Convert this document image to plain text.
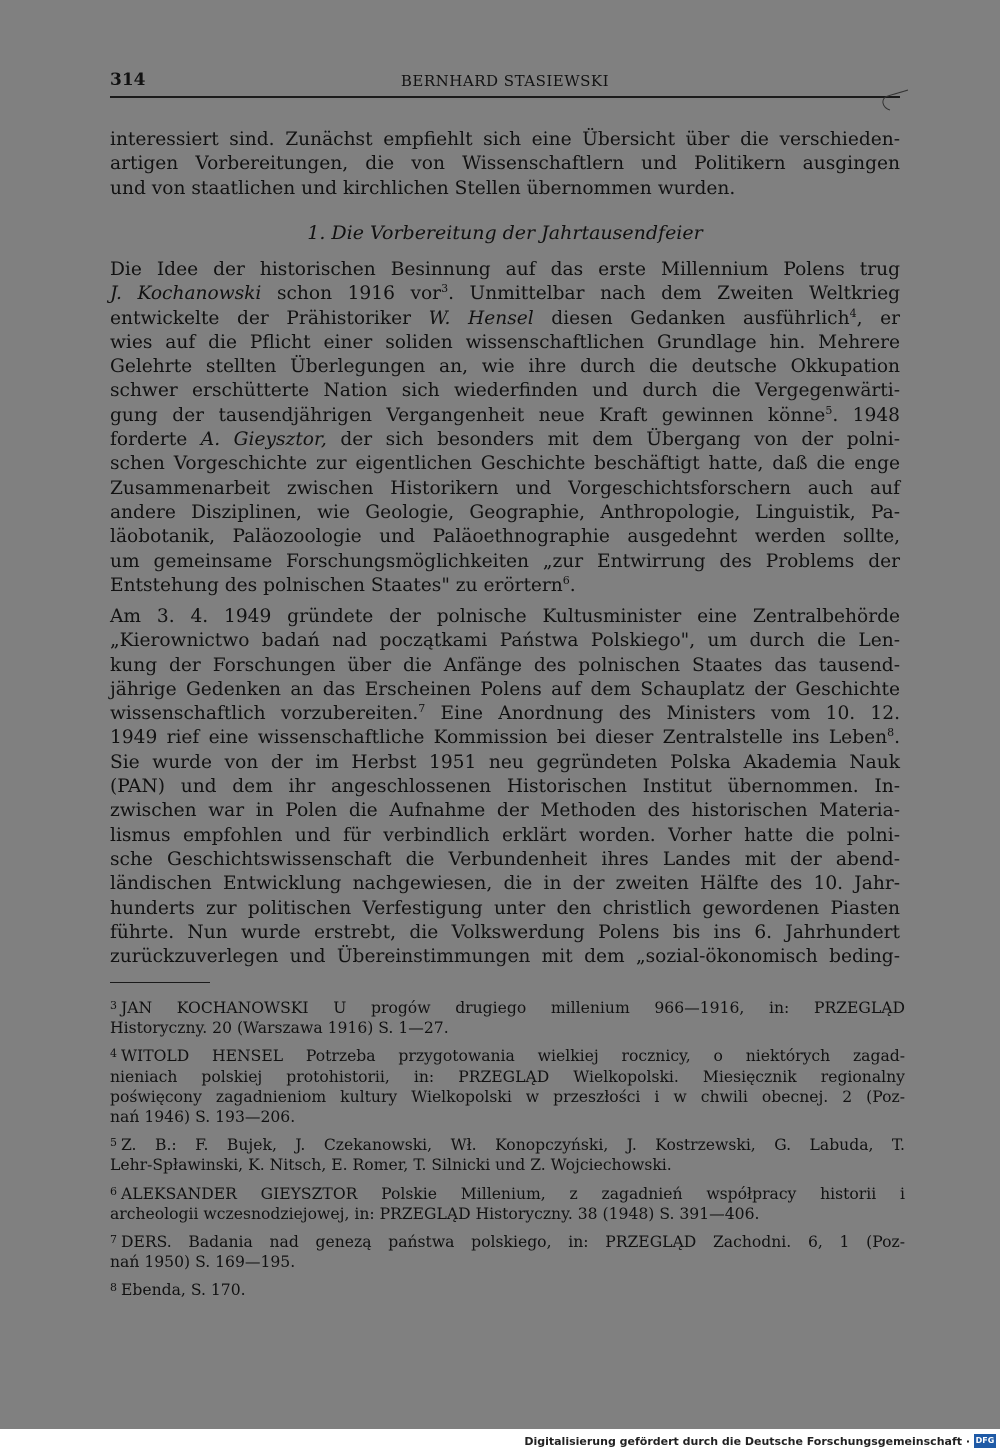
314	BERNHARD STASIEWSKI
interessiert sind. Zunächst empfiehlt sich eine Übersicht über die verschieden-
artigen Vorbereitungen, die von Wissenschaftlern und Politikern ausgingen
und von staatlichen und kirchlichen Stellen übernommen wurden.
1. Die Vorbereitung der Jahrtausendfeier
Die Idee der historischen Besinnung auf das erste Millennium Polens trug
J. Kochanowski schon 1916 vor$^3$. Unmittelbar nach dem Zweiten Weltkrieg
entwickelte der Prähistoriker W. Hensel diesen Gedanken ausführlich$^4$, er
wies auf die Pflicht einer soliden wissenschaftlichen Grundlage hin. Mehrere
Gelehrte stellten Überlegungen an, wie ihre durch die deutsche Okkupation
schwer erschütterte Nation sich wiederfinden und durch die Vergegenwärti-
gung der tausendjährigen Vergangenheit neue Kraft gewinnen könne$^5$. 1948
forderte A. Gieysztor, der sich besonders mit dem Übergang von der polni-
schen Vorgeschichte zur eigentlichen Geschichte beschäftigt hatte, daß die enge
Zusammenarbeit zwischen Historikern und Vorgeschichtsforschern auch auf
andere Disziplinen, wie Geologie, Geographie, Anthropologie, Linguistik, Pa-
läobotanik, Paläozoologie und Paläoethnographie ausgedehnt werden sollte,
um gemeinsame Forschungsmöglichkeiten „zur Entwirrung des Problems der
Entstehung des polnischen Staates" zu erörtern$^6$.
Am 3. 4. 1949 gründete der polnische Kultusminister eine Zentralbehörde
„Kierownictwo badań nad początkami Państwa Polskiego", um durch die Len-
kung der Forschungen über die Anfänge des polnischen Staates das tausend-
jährige Gedenken an das Erscheinen Polens auf dem Schauplatz der Geschichte
wissenschaftlich vorzubereiten.$^7$ Eine Anordnung des Ministers vom 10. 12.
1949 rief eine wissenschaftliche Kommission bei dieser Zentralstelle ins Leben$^8$.
Sie wurde von der im Herbst 1951 neu gegründeten Polska Akademia Nauk
(PAN) und dem ihr angeschlossenen Historischen Institut übernommen. In-
zwischen war in Polen die Aufnahme der Methoden des historischen Materia-
lismus empfohlen und für verbindlich erklärt worden. Vorher hatte die polni-
sche Geschichtswissenschaft die Verbundenheit ihres Landes mit der abend-
ländischen Entwicklung nachgewiesen, die in der zweiten Hälfte des 10. Jahr-
hunderts zur politischen Verfestigung unter den christlich gewordenen Piasten
führte. Nun wurde erstrebt, die Volkswerdung Polens bis ins 6. Jahrhundert
zurückzuverlegen und Übereinstimmungen mit dem „sozial-ökonomisch beding-
$^3$ JAN KOCHANOWSKI U progów drugiego millenium 966—1916, in: PRZEGLĄD
Historyczny. 20 (Warszawa 1916) S. 1—27.
$^4$ WITOLD HENSEL Potrzeba przygotowania wielkiej rocznicy, o niektórych zagad-
nieniach polskiej protohistorii, in: PRZEGLĄD Wielkopolski. Miesięcznik regionalny
poświęcony zagadnieniom kultury Wielkopolski w przeszłości i w chwili obecnej. 2 (Poz-
nań 1946) S. 193—206.
$^5$ Z. B.: F. Bujek, J. Czekanowski, Wł. Konopczyński, J. Kostrzewski, G. Labuda, T.
Lehr-Spławinski, K. Nitsch, E. Romer, T. Silnicki und Z. Wojciechowski.
$^6$ ALEKSANDER GIEYSZTOR Polskie Millenium, z zagadnień współpracy historii i
archeologii wczesnodziejowej, in: PRZEGLĄD Historyczny. 38 (1948) S. 391—406.
$^7$ DERS. Badania nad genezą państwa polskiego, in: PRZEGLĄD Zachodni. 6, 1 (Poz-
nań 1950) S. 169—195.
$^8$ Ebenda, S. 170.
Digitalisierung gefördert durch die Deutsche Forschungsgemeinschaft · DFG
